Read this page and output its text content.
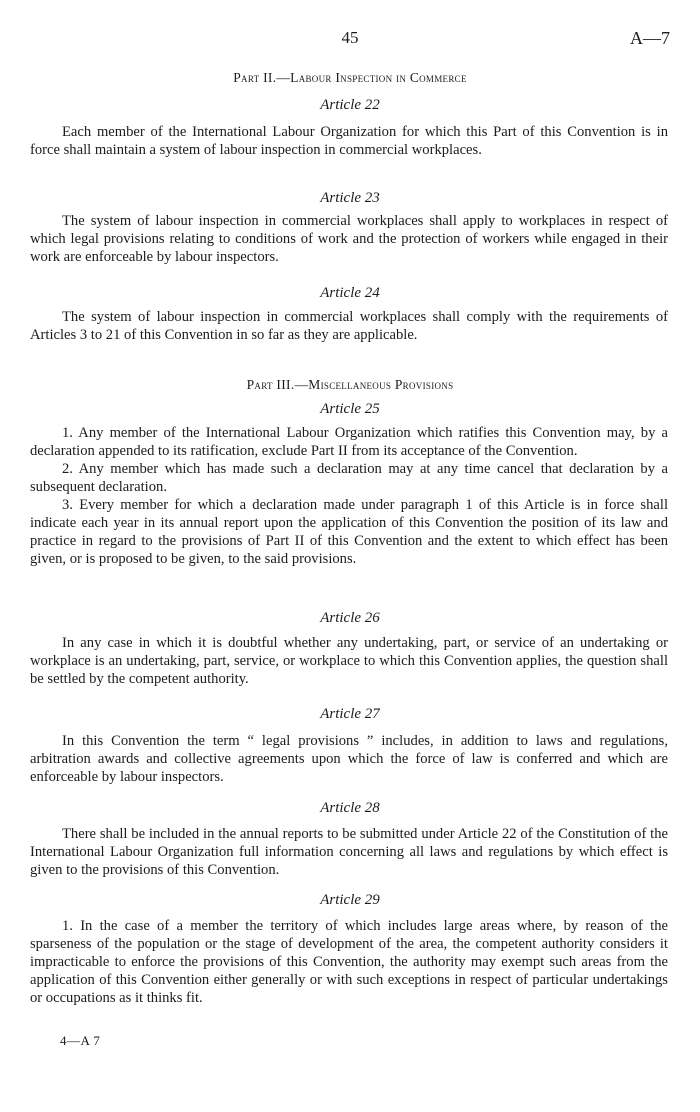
45	A—7
Part II.—Labour Inspection in Commerce
Article 22

Each member of the International Labour Organization for which this Part of this Convention is in force shall maintain a system of labour inspection in commercial workplaces.

Article 23

The system of labour inspection in commercial workplaces shall apply to workplaces in respect of which legal provisions relating to conditions of work and the protection of workers while engaged in their work are enforceable by labour inspectors.

Article 24

The system of labour inspection in commercial workplaces shall comply with the requirements of Articles 3 to 21 of this Convention in so far as they are applicable.

Part III.—Miscellaneous Provisions
Article 25

1. Any member of the International Labour Organization which ratifies this Convention may, by a declaration appended to its ratification, exclude Part II from its acceptance of the Convention.

2. Any member which has made such a declaration may at any time cancel that declaration by a subsequent declaration.

3. Every member for which a declaration made under paragraph 1 of this Article is in force shall indicate each year in its annual report upon the application of this Convention the position of its law and practice in regard to the provisions of Part II of this Convention and the extent to which effect has been given, or is proposed to be given, to the said provisions.

Article 26

In any case in which it is doubtful whether any undertaking, part, or service of an undertaking or workplace is an undertaking, part, service, or workplace to which this Convention applies, the question shall be settled by the competent authority.

Article 27

In this Convention the term “ legal provisions ” includes, in addition to laws and regulations, arbitration awards and collective agreements upon which the force of law is conferred and which are enforceable by labour inspectors.

Article 28

There shall be included in the annual reports to be submitted under Article 22 of the Constitution of the International Labour Organization full information concerning all laws and regulations by which effect is given to the provisions of this Convention.

Article 29

1. In the case of a member the territory of which includes large areas where, by reason of the sparseness of the population or the stage of development of the area, the competent authority considers it impracticable to enforce the provisions of this Convention, the authority may exempt such areas from the application of this Convention either generally or with such exceptions in respect of particular undertakings or occupations as it thinks fit.

4—A 7
